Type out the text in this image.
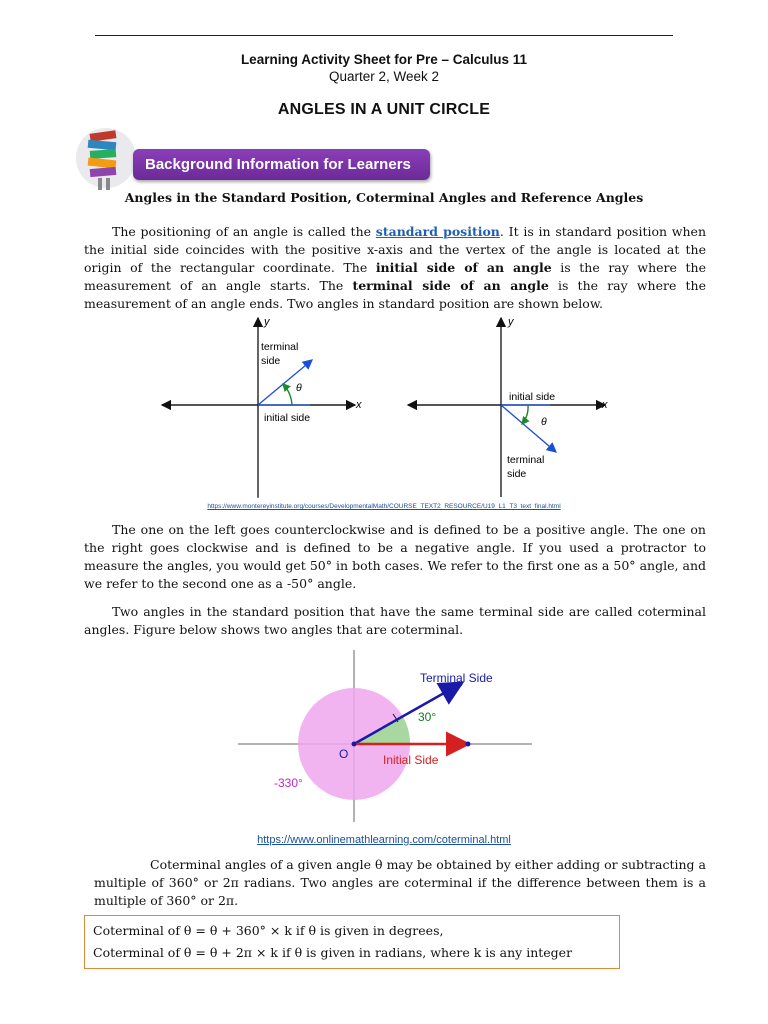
Learning Activity Sheet for Pre – Calculus 11
Quarter 2, Week 2
ANGLES IN A UNIT CIRCLE
Background Information for Learners
Angles in the Standard Position, Coterminal Angles and Reference Angles
The positioning of an angle is called the standard position. It is in standard position when the initial side coincides with the positive x-axis and the vertex of the angle is located at the origin of the rectangular coordinate. The initial side of an angle is the ray where the measurement of an angle starts. The terminal side of an angle is the ray where the measurement of an angle ends. Two angles in standard position are shown below.
y
x
terminal
side
θ
initial side
y
x
initial side
θ
terminal
side
https://www.montereyinstitute.org/courses/DevelopmentalMath/COURSE_TEXT2_RESOURCE/U19_L1_T3_text_final.html
The one on the left goes counterclockwise and is defined to be a positive angle. The one on the right goes clockwise and is defined to be a negative angle. If you used a protractor to measure the angles, you would get 50° in both cases. We refer to the first one as a 50° angle, and we refer to the second one as a -50° angle.
Two angles in the standard position that have the same terminal side are called coterminal angles. Figure below shows two angles that are coterminal.
Terminal Side
30°
O	Initial Side
-330°
https://www.onlinemathlearning.com/coterminal.html
Coterminal angles of a given angle θ may be obtained by either adding or subtracting a multiple of 360° or 2π radians. Two angles are coterminal if the difference between them is a multiple of 360° or 2π.
Coterminal of θ = θ + 360° × k if θ is given in degrees,
Coterminal of θ = θ + 2π × k if θ is given in radians, where k is any integer
